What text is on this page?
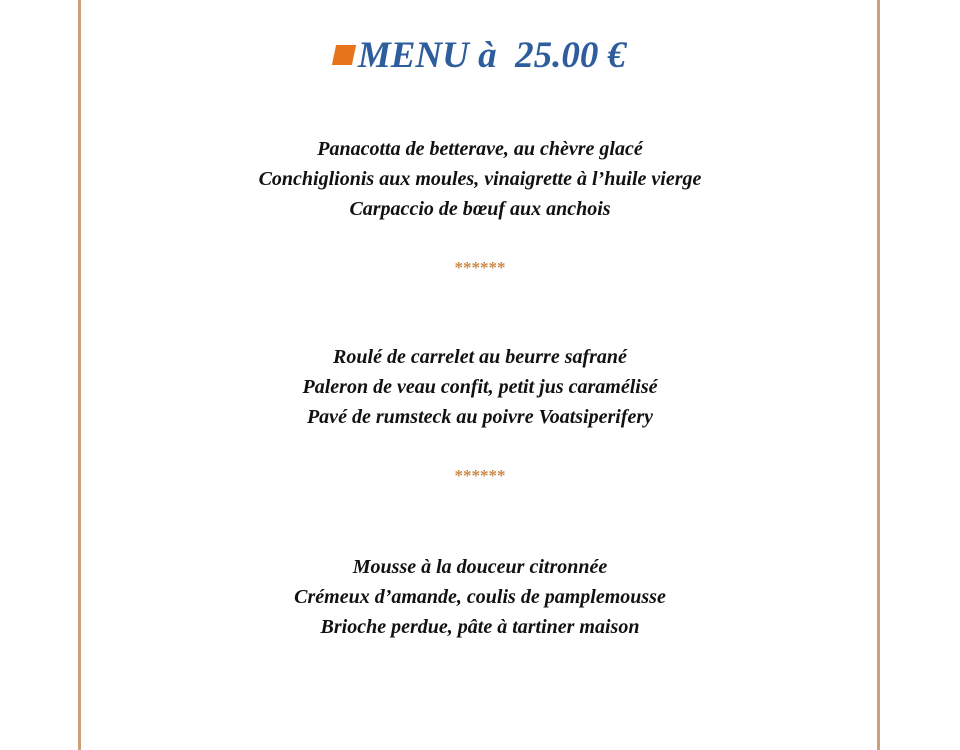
MENU à  25.00 €
Panacotta de betterave, au chèvre glacé
Conchiglionis aux moules, vinaigrette à l’huile vierge
Carpaccio de bœuf aux anchois
******
Roulé de carrelet au beurre safrané
Paleron de veau confit, petit jus caramélisé
Pavé de rumsteck au poivre Voatsiperifery
******
Mousse à la douceur citronnée
Crémeux d’amande, coulis de pamplemousse
Brioche perdue, pâte à tartiner maison
